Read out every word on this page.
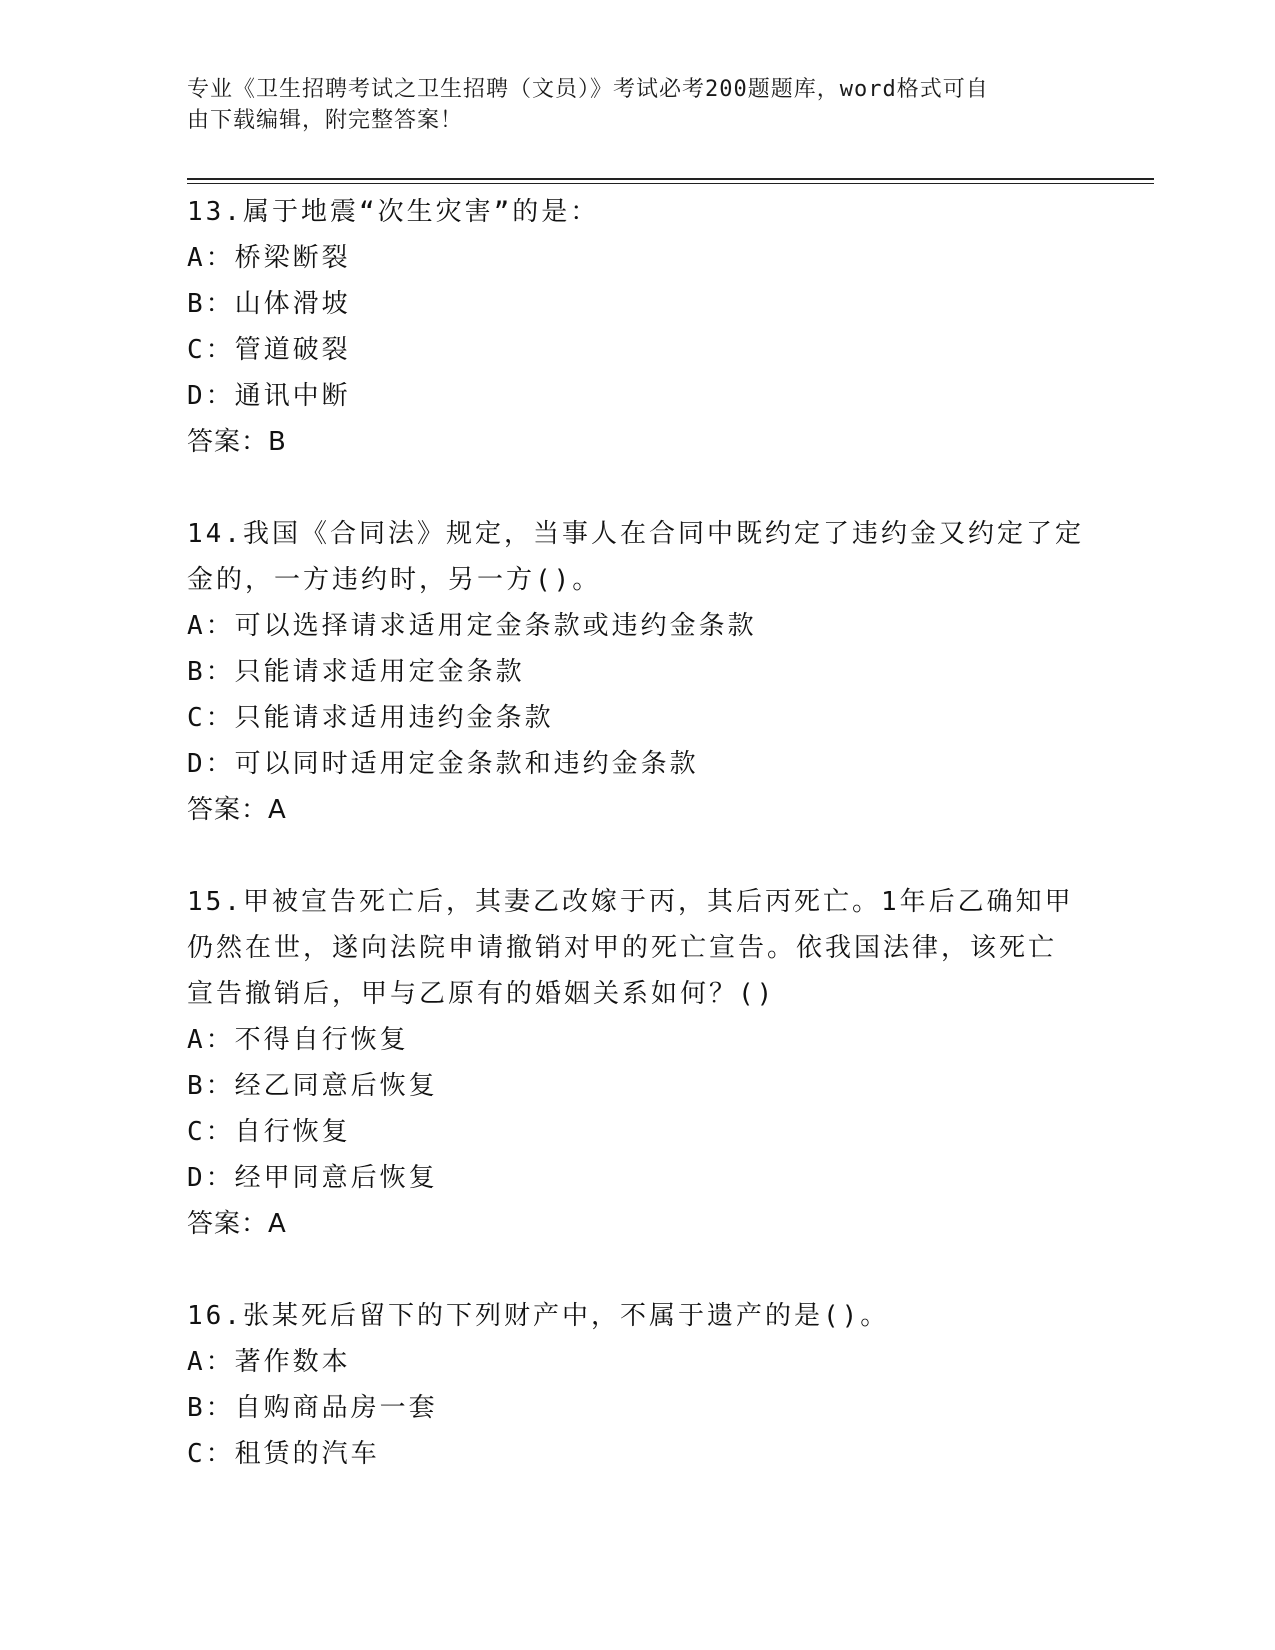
专业《卫生招聘考试之卫生招聘（文员）》考试必考200题题库，word格式可自
由下载编辑，附完整答案！
13.属于地震“次生灾害”的是：
A：桥梁断裂
B：山体滑坡
C：管道破裂
D：通讯中断
答案：B
14.我国《合同法》规定，当事人在合同中既约定了违约金又约定了定
金的，一方违约时，另一方()。
A：可以选择请求适用定金条款或违约金条款
B：只能请求适用定金条款
C：只能请求适用违约金条款
D：可以同时适用定金条款和违约金条款
答案：A
15.甲被宣告死亡后，其妻乙改嫁于丙，其后丙死亡。1年后乙确知甲
仍然在世，遂向法院申请撤销对甲的死亡宣告。依我国法律，该死亡
宣告撤销后，甲与乙原有的婚姻关系如何？()
A：不得自行恢复
B：经乙同意后恢复
C：自行恢复
D：经甲同意后恢复
答案：A
16.张某死后留下的下列财产中，不属于遗产的是()。
A：著作数本
B：自购商品房一套
C：租赁的汽车
